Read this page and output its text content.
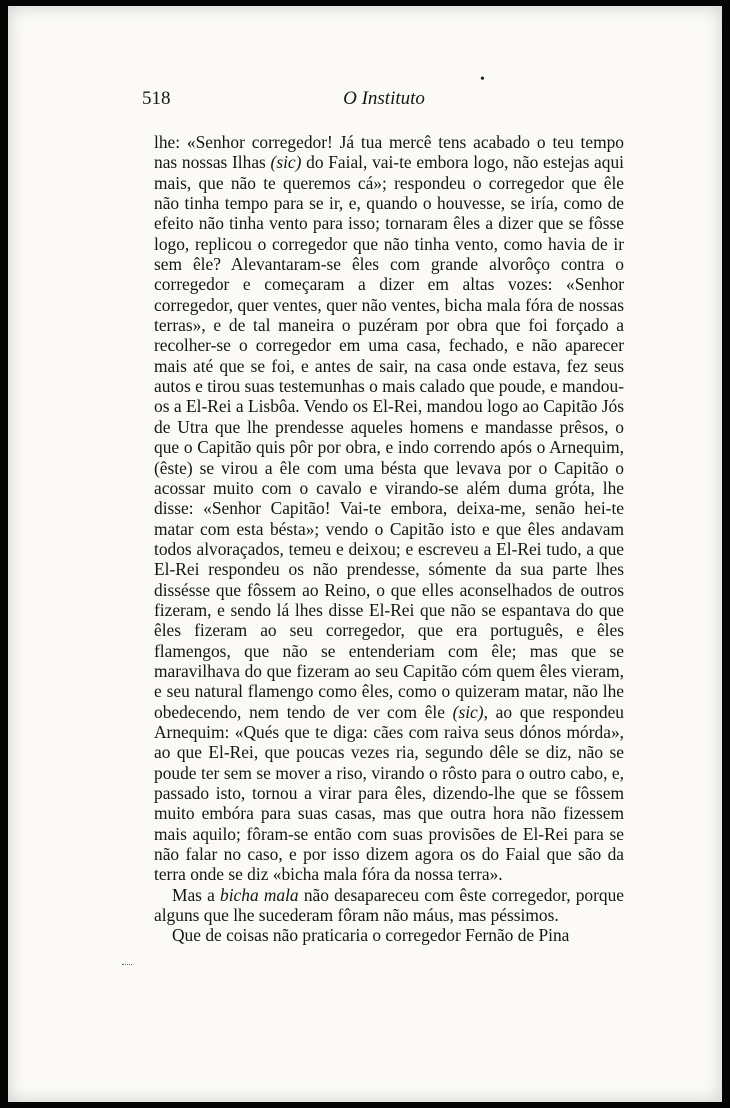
•
518	O Instituto

lhe: «Senhor corregedor! Já tua mercê tens acabado o teu tempo nas nossas Ilhas (sic) do Faial, vai-te embora logo, não estejas aqui mais, que não te queremos cá»; respondeu o corregedor que êle não tinha tempo para se ir, e, quando o houvesse, se iría, como de efeito não tinha vento para isso; tornaram êles a dizer que se fôsse logo, replicou o corregedor que não tinha vento, como havia de ir sem êle? Alevantaram-se êles com grande alvorôço contra o corregedor e começaram a dizer em altas vozes: «Senhor corregedor, quer ventes, quer não ventes, bicha mala fóra de nossas terras», e de tal maneira o puzéram por obra que foi forçado a recolher-se o corregedor em uma casa, fechado, e não aparecer mais até que se foi, e antes de sair, na casa onde estava, fez seus autos e tirou suas testemunhas o mais calado que poude, e mandou-os a El-Rei a Lisbôa. Vendo os El-Rei, mandou logo ao Capitão Jós de Utra que lhe prendesse aqueles homens e mandasse prêsos, o que o Capitão quis pôr por obra, e indo correndo após o Arnequim, (êste) se virou a êle com uma bésta que levava por o Capitão o acossar muito com o cavalo e virando-se além duma gróta, lhe disse: «Senhor Capitão! Vai-te embora, deixa-me, senão hei-te matar com esta bésta»; vendo o Capitão isto e que êles andavam todos alvoraçados, temeu e deixou; e escreveu a El-Rei tudo, a que El-Rei respondeu os não prendesse, sómente da sua parte lhes dissésse que fôssem ao Reino, o que elles aconselhados de outros fizeram, e sendo lá lhes disse El-Rei que não se espantava do que êles fizeram ao seu corregedor, que era português, e êles flamengos, que não se entenderiam com êle; mas que se maravilhava do que fizeram ao seu Capitão cóm quem êles vieram, e seu natural flamengo como êles, como o quizeram matar, não lhe obedecendo, nem tendo de ver com êle (sic), ao que respondeu Arnequim: «Qués que te diga: cães com raiva seus dónos mórda», ao que El-Rei, que poucas vezes ria, segundo dêle se diz, não se poude ter sem se mover a riso, virando o rôsto para o outro cabo, e, passado isto, tornou a virar para êles, dizendo-lhe que se fôssem muito embóra para suas casas, mas que outra hora não fizessem mais aquilo; fôram-se então com suas provisões de El-Rei para se não falar no caso, e por isso dizem agora os do Faial que são da terra onde se diz «bicha mala fóra da nossa terra».

Mas a bicha mala não desapareceu com êste corregedor, porque alguns que lhe sucederam fôram não máus, mas péssimos.

Que de coisas não praticaria o corregedor Fernão de Pina
